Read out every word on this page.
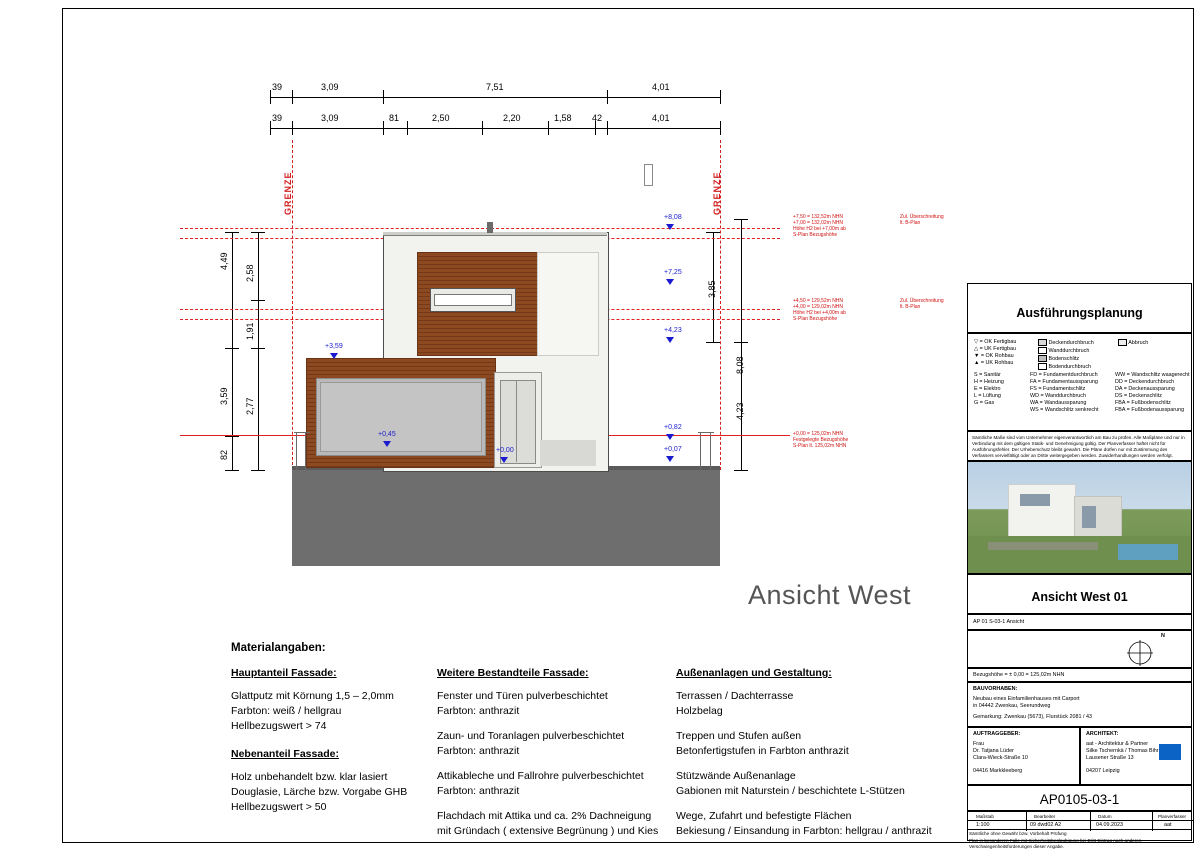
39	3,09	7,51	4,01
39	3,09	81	2,50	2,20	1,58 42	4,01
GRENZE	GRENZE
4,49
3,59
82
2,58
1,91
2,77
3,85
8,08
4,23
+7,50 = 132,52m NHN
+7,00 = 132,02m NHN
Höhe H2 bei +7,00m ab
S-Plan Bezugshöhe
Zul. Überschreitung
lt. B-Plan
+4,50 = 129,52m NHN
+4,00 = 129,02m NHN
Höhe H2 bei +4,00m ab
S-Plan Bezugshöhe
Zul. Überschreitung
lt. B-Plan
+0,00 = 125,02m NHN
Festgelegte Bezugshöhe
S-Plan lt. 125,02m NHN
+8,08
+7,25
+4,23
+3,59
+0,45
+0,82
+0,07
+0,00
Ansicht West
Materialangaben:
Hauptanteil Fassade:
Glattputz mit Körnung 1,5 – 2,0mm
Farbton: weiß / hellgrau
Hellbezugswert > 74
Nebenanteil Fassade:
Holz unbehandelt bzw. klar lasiert
Douglasie, Lärche bzw. Vorgabe GHB
Hellbezugswert > 50
Weitere Bestandteile Fassade:
Fenster und Türen pulverbeschichtet
Farbton: anthrazit
Zaun- und Toranlagen pulverbeschichtet
Farbton: anthrazit
Attikableche und Fallrohre pulverbeschichtet
Farbton: anthrazit
Flachdach mit Attika und ca. 2% Dachneigung
mit Gründach ( extensive Begrünung ) und Kies
Außenanlagen und Gestaltung:
Terrassen / Dachterrasse
Holzbelag
Treppen und Stufen außen
Betonfertigstufen in Farbton anthrazit
Stützwände Außenanlage
Gabionen mit Naturstein / beschichtete L-Stützen
Wege, Zufahrt und befestigte Flächen
Bekiesung / Einsandung in Farbton: hellgrau / anthrazit
Ausführungsplanung
▽ = OK Fertigbau
△ = UK Fertigbau
▼ = OK Rohbau
▲ = UK Rohbau
Deckendurchbruch
Wanddurchbruch
Bodenschlitz
Bodendurchbruch
Abbruch
S = Sanitär
H = Heizung
E = Elektro
L = Lüftung
G = Gas
FD = Fundamentdurchbruch
FA = Fundamentaussparung
FS = Fundamentschlitz
WD = Wanddurchbruch
WA = Wandaussparung
WS = Wandschlitz senkrecht
WW = Wandschlitz waagerecht
DD = Deckendurchbruch
DA = Deckenaussparung
DS = Deckenschlitz
FBA = Fußbodenschlitz
FBA = Fußbodenaussparung
Sämtliche Maße sind vom Unternehmer eigenverantwortlich am Bau zu prüfen. Alle Maßpläne und nur in Verbindung mit dem gültigen Statik- und Genehmigung gültig. Der Planverfasser haftet nicht für Ausführungsfehler. Der Urheberschutz bleibt gewahrt. Die Pläne dürfen nur mit Zustimmung des Verfassers vervielfältigt oder an Dritte weitergegeben werden. Zuwiderhandlungen werden verfolgt.
Ansicht West 01
AP 01 S-03-1 Ansicht
N
Bezugshöhe = ± 0,00 = 125,02m NHN
BAUVORHABEN:
Neubau eines Einfamilienhauses mit Carport
in 04442 Zwenkau, Seerundweg
Gemarkung: Zwenkau (5673), Flurstück 2081 / 43
AUFTRAGGEBER:
Frau
Dr. Tatjana Lüder
Clara-Wieck-Straße 10
04416 Markkleeberg
ARCHITEKT:
aat - Architektur & Partner
Silke Tschernkä / Thomas Bihr
Lausener Straße 13
04207 Leipzig
AP0105-03-1
Maßstab	Bearbeiter	Datum	Planverfasser
1:100	09 dwd02 A2	04.09.2023	aat
Sämtliche ohne Gewähr bzw. Vorbehalt Prüfung
Plan in besonderen Falle mit Sicherheitsbeglaubigung bei Dritt-Eintrag nach anderen Verschwiegenheitsforderungen dieser Angabe.
